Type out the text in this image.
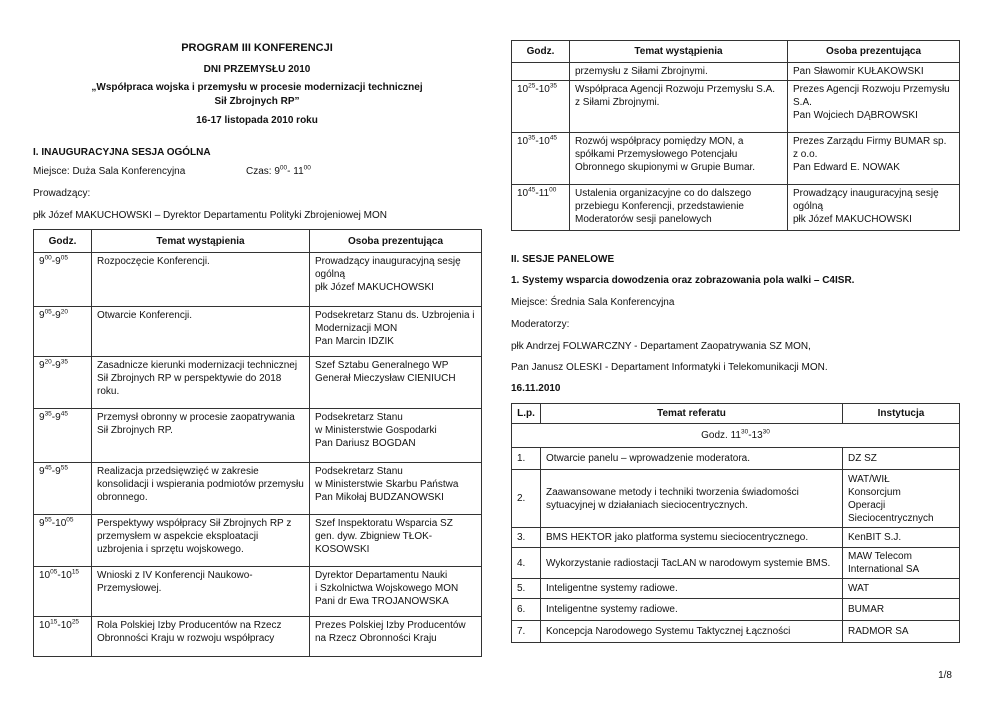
PROGRAM III KONFERENCJI
DNI PRZEMYSŁU 2010
„Współpraca wojska i przemysłu w procesie modernizacji technicznej
Sił Zbrojnych RP”
16-17 listopada 2010 roku
I. INAUGURACYJNA SESJA OGÓLNA
Miejsce: Duża Sala Konferencyjna	Czas: $9^{00}-$ $11^{00}$
Prowadzący:
płk Józef MAKUCHOWSKI – Dyrektor Departamentu Polityki Zbrojeniowej MON
Godz.	Temat wystąpienia	Osoba prezentująca
$9^{00}-9^{05}$	Rozpoczęcie Konferencji.	Prowadzący inauguracyjną sesję ogólną
płk Józef MAKUCHOWSKI
$9^{05}-9^{20}$	Otwarcie Konferencji.	Podsekretarz Stanu ds. Uzbrojenia i Modernizacji MON
Pan Marcin IDZIK
$9^{20}-9^{35}$	Zasadnicze kierunki modernizacji technicznej Sił Zbrojnych RP w perspektywie do 2018 roku.	Szef Sztabu Generalnego WP
Generał Mieczysław CIENIUCH
$9^{35}-9^{45}$	Przemysł obronny w procesie zaopatrywania Sił Zbrojnych RP.	Podsekretarz Stanu
w Ministerstwie Gospodarki
Pan Dariusz BOGDAN
$9^{45}-9^{55}$	Realizacja przedsięwzięć w zakresie konsolidacji i wspierania podmiotów przemysłu obronnego.	Podsekretarz Stanu
w Ministerstwie Skarbu Państwa
Pan Mikołaj BUDZANOWSKI
$9^{55}-10^{05}$	Perspektywy współpracy Sił Zbrojnych RP z przemysłem w aspekcie eksploatacji uzbrojenia i sprzętu wojskowego.	Szef Inspektoratu Wsparcia SZ
gen. dyw. Zbigniew TŁOK-KOSOWSKI
$10^{05}-10^{15}$	Wnioski z IV Konferencji Naukowo-Przemysłowej.	Dyrektor Departamentu Nauki
i Szkolnictwa Wojskowego MON
Pani dr Ewa TROJANOWSKA
$10^{15}-10^{25}$	Rola Polskiej Izby Producentów na Rzecz Obronności Kraju w rozwoju współpracy	Prezes Polskiej Izby Producentów
na Rzecz Obronności Kraju
Godz.	Temat wystąpienia	Osoba prezentująca
	przemysłu z Siłami Zbrojnymi.	Pan Sławomir KUŁAKOWSKI
$10^{25}-10^{35}$	Współpraca Agencji Rozwoju Przemysłu S.A. z Siłami Zbrojnymi.	Prezes Agencji Rozwoju Przemysłu S.A.
Pan Wojciech DĄBROWSKI
$10^{35}-10^{45}$	Rozwój współpracy pomiędzy MON, a spółkami Przemysłowego Potencjału Obronnego skupionymi w Grupie Bumar.	Prezes Zarządu Firmy BUMAR sp. z o.o.
Pan Edward E. NOWAK
$10^{45}-11^{00}$	Ustalenia organizacyjne co do dalszego przebiegu Konferencji, przedstawienie Moderatorów sesji panelowych	Prowadzący inauguracyjną sesję ogólną
płk Józef MAKUCHOWSKI
II. SESJE PANELOWE
1. Systemy wsparcia dowodzenia oraz zobrazowania pola walki – C4ISR.
Miejsce: Średnia Sala Konferencyjna
Moderatorzy:
płk Andrzej FOLWARCZNY - Departament Zaopatrywania SZ MON,
Pan Janusz OLESKI - Departament Informatyki i Telekomunikacji MON.
16.11.2010
L.p.	Temat referatu	Instytucja
Godz. $11^{30}-13^{30}$
1.	Otwarcie panelu – wprowadzenie moderatora.	DZ SZ
2.	Zaawansowane metody i techniki tworzenia świadomości sytuacyjnej w działaniach sieciocentrycznych.	WAT/WIŁ
Konsorcjum
Operacji
Sieciocentrycznych
3.	BMS HEKTOR jako platforma systemu sieciocentrycznego.	KenBIT S.J.
4.	Wykorzystanie radiostacji TacLAN w narodowym systemie BMS.	MAW Telecom International SA
5.	Inteligentne systemy radiowe.	WAT
6.	Inteligentne systemy radiowe.	BUMAR
7.	Koncepcja Narodowego Systemu Taktycznej Łączności	RADMOR SA
1/8
